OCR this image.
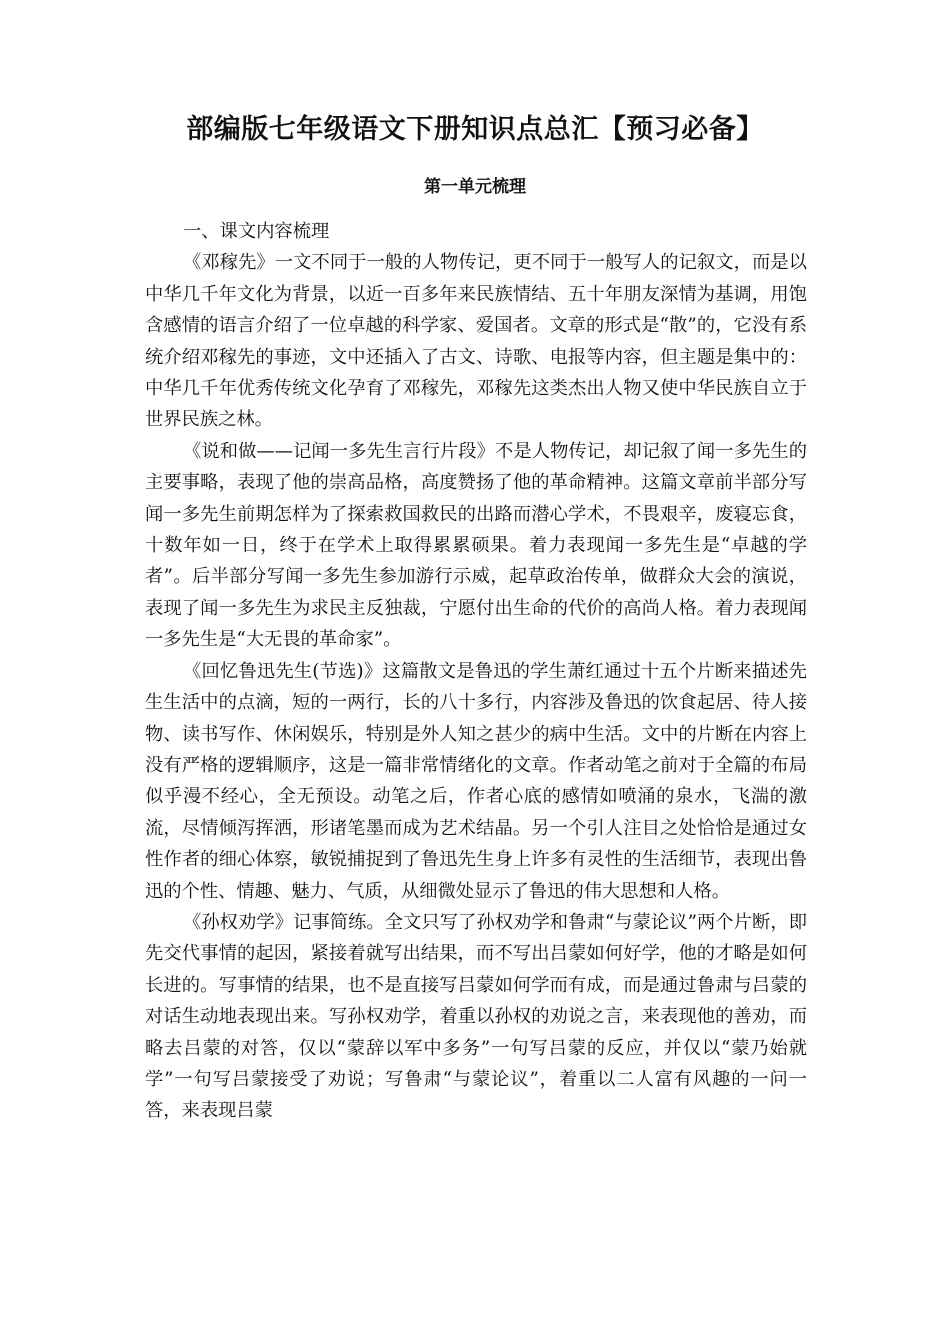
部编版七年级语文下册知识点总汇【预习必备】
第一单元梳理

一、课文内容梳理

《邓稼先》一文不同于一般的人物传记，更不同于一般写人的记叙文，而是以中华几千年文化为背景，以近一百多年来民族情结、五十年朋友深情为基调，用饱含感情的语言介绍了一位卓越的科学家、爱国者。文章的形式是“散”的，它没有系统介绍邓稼先的事迹，文中还插入了古文、诗歌、电报等内容，但主题是集中的：中华几千年优秀传统文化孕育了邓稼先，邓稼先这类杰出人物又使中华民族自立于世界民族之林。

《说和做——记闻一多先生言行片段》不是人物传记，却记叙了闻一多先生的主要事略，表现了他的崇高品格，高度赞扬了他的革命精神。这篇文章前半部分写闻一多先生前期怎样为了探索救国救民的出路而潜心学术，不畏艰辛，废寝忘食，十数年如一日，终于在学术上取得累累硕果。着力表现闻一多先生是“卓越的学者”。后半部分写闻一多先生参加游行示威，起草政治传单，做群众大会的演说，表现了闻一多先生为求民主反独裁，宁愿付出生命的代价的高尚人格。着力表现闻一多先生是“大无畏的革命家”。

《回忆鲁迅先生(节选)》这篇散文是鲁迅的学生萧红通过十五个片断来描述先生生活中的点滴，短的一两行，长的八十多行，内容涉及鲁迅的饮食起居、待人接物、读书写作、休闲娱乐，特别是外人知之甚少的病中生活。文中的片断在内容上没有严格的逻辑顺序，这是一篇非常情绪化的文章。作者动笔之前对于全篇的布局似乎漫不经心，全无预设。动笔之后，作者心底的感情如喷涌的泉水，飞湍的激流，尽情倾泻挥洒，形诸笔墨而成为艺术结晶。另一个引人注目之处恰恰是通过女性作者的细心体察，敏锐捕捉到了鲁迅先生身上许多有灵性的生活细节，表现出鲁迅的个性、情趣、魅力、气质，从细微处显示了鲁迅的伟大思想和人格。

《孙权劝学》记事简练。全文只写了孙权劝学和鲁肃“与蒙论议”两个片断，即先交代事情的起因，紧接着就写出结果，而不写出吕蒙如何好学，他的才略是如何长进的。写事情的结果，也不是直接写吕蒙如何学而有成，而是通过鲁肃与吕蒙的对话生动地表现出来。写孙权劝学，着重以孙权的劝说之言，来表现他的善劝，而略去吕蒙的对答，仅以“蒙辞以军中多务”一句写吕蒙的反应，并仅以“蒙乃始就学”一句写吕蒙接受了劝说；写鲁肃“与蒙论议”，着重以二人富有风趣的一问一答，来表现吕蒙
